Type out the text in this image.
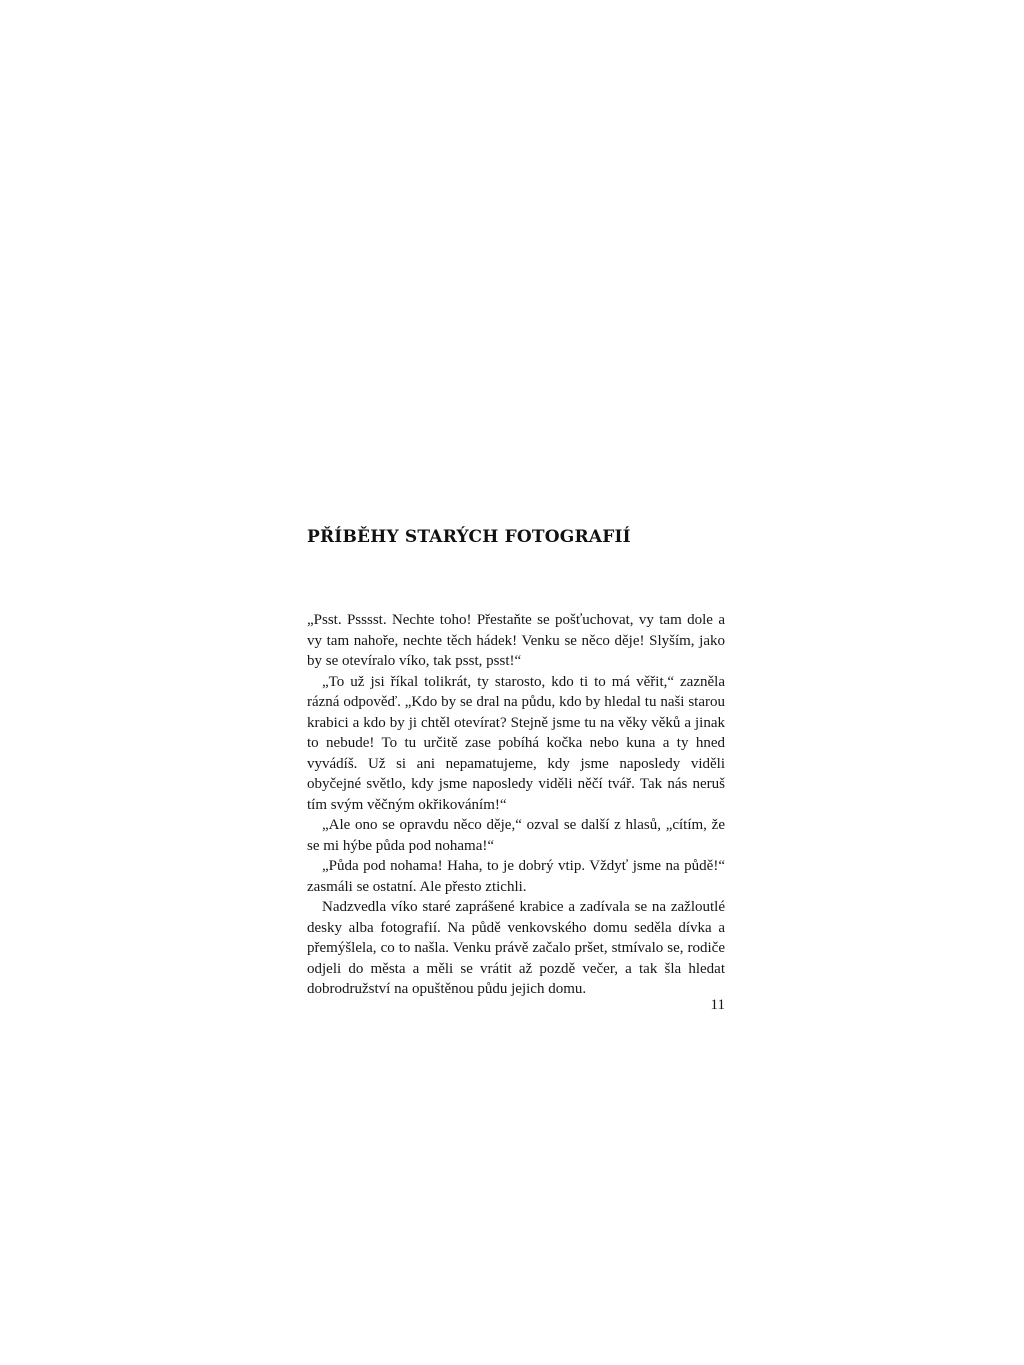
PŘÍBĚHY STARÝCH FOTOGRAFIÍ

„Psst. Psssst. Nechte toho! Přestaňte se pošťuchovat, vy tam dole a vy tam nahoře, nechte těch hádek! Venku se něco děje! Slyším, jako by se otevíralo víko, tak psst, psst!“

„To už jsi říkal tolikrát, ty starosto, kdo ti to má věřit,“ zazněla rázná odpověď. „Kdo by se dral na půdu, kdo by hledal tu naši starou krabici a kdo by ji chtěl otevírat? Stejně jsme tu na věky věků a jinak to nebude! To tu určitě zase pobíhá kočka nebo kuna a ty hned vyvádíš. Už si ani nepamatujeme, kdy jsme naposledy viděli obyčejné světlo, kdy jsme naposledy viděli něčí tvář. Tak nás neruš tím svým věčným okřikováním!“

„Ale ono se opravdu něco děje,“ ozval se další z hlasů, „cítím, že se mi hýbe půda pod nohama!“

„Půda pod nohama! Haha, to je dobrý vtip. Vždyť jsme na půdě!“ zasmáli se ostatní. Ale přesto ztichli.

Nadzvedla víko staré zaprášené krabice a zadívala se na zažloutlé desky alba fotografií. Na půdě venkovského domu seděla dívka a přemýšlela, co to našla. Venku právě začalo pršet, stmívalo se, rodiče odjeli do města a měli se vrátit až pozdě večer, a tak šla hledat dobrodružství na opuštěnou půdu jejich domu.

11
